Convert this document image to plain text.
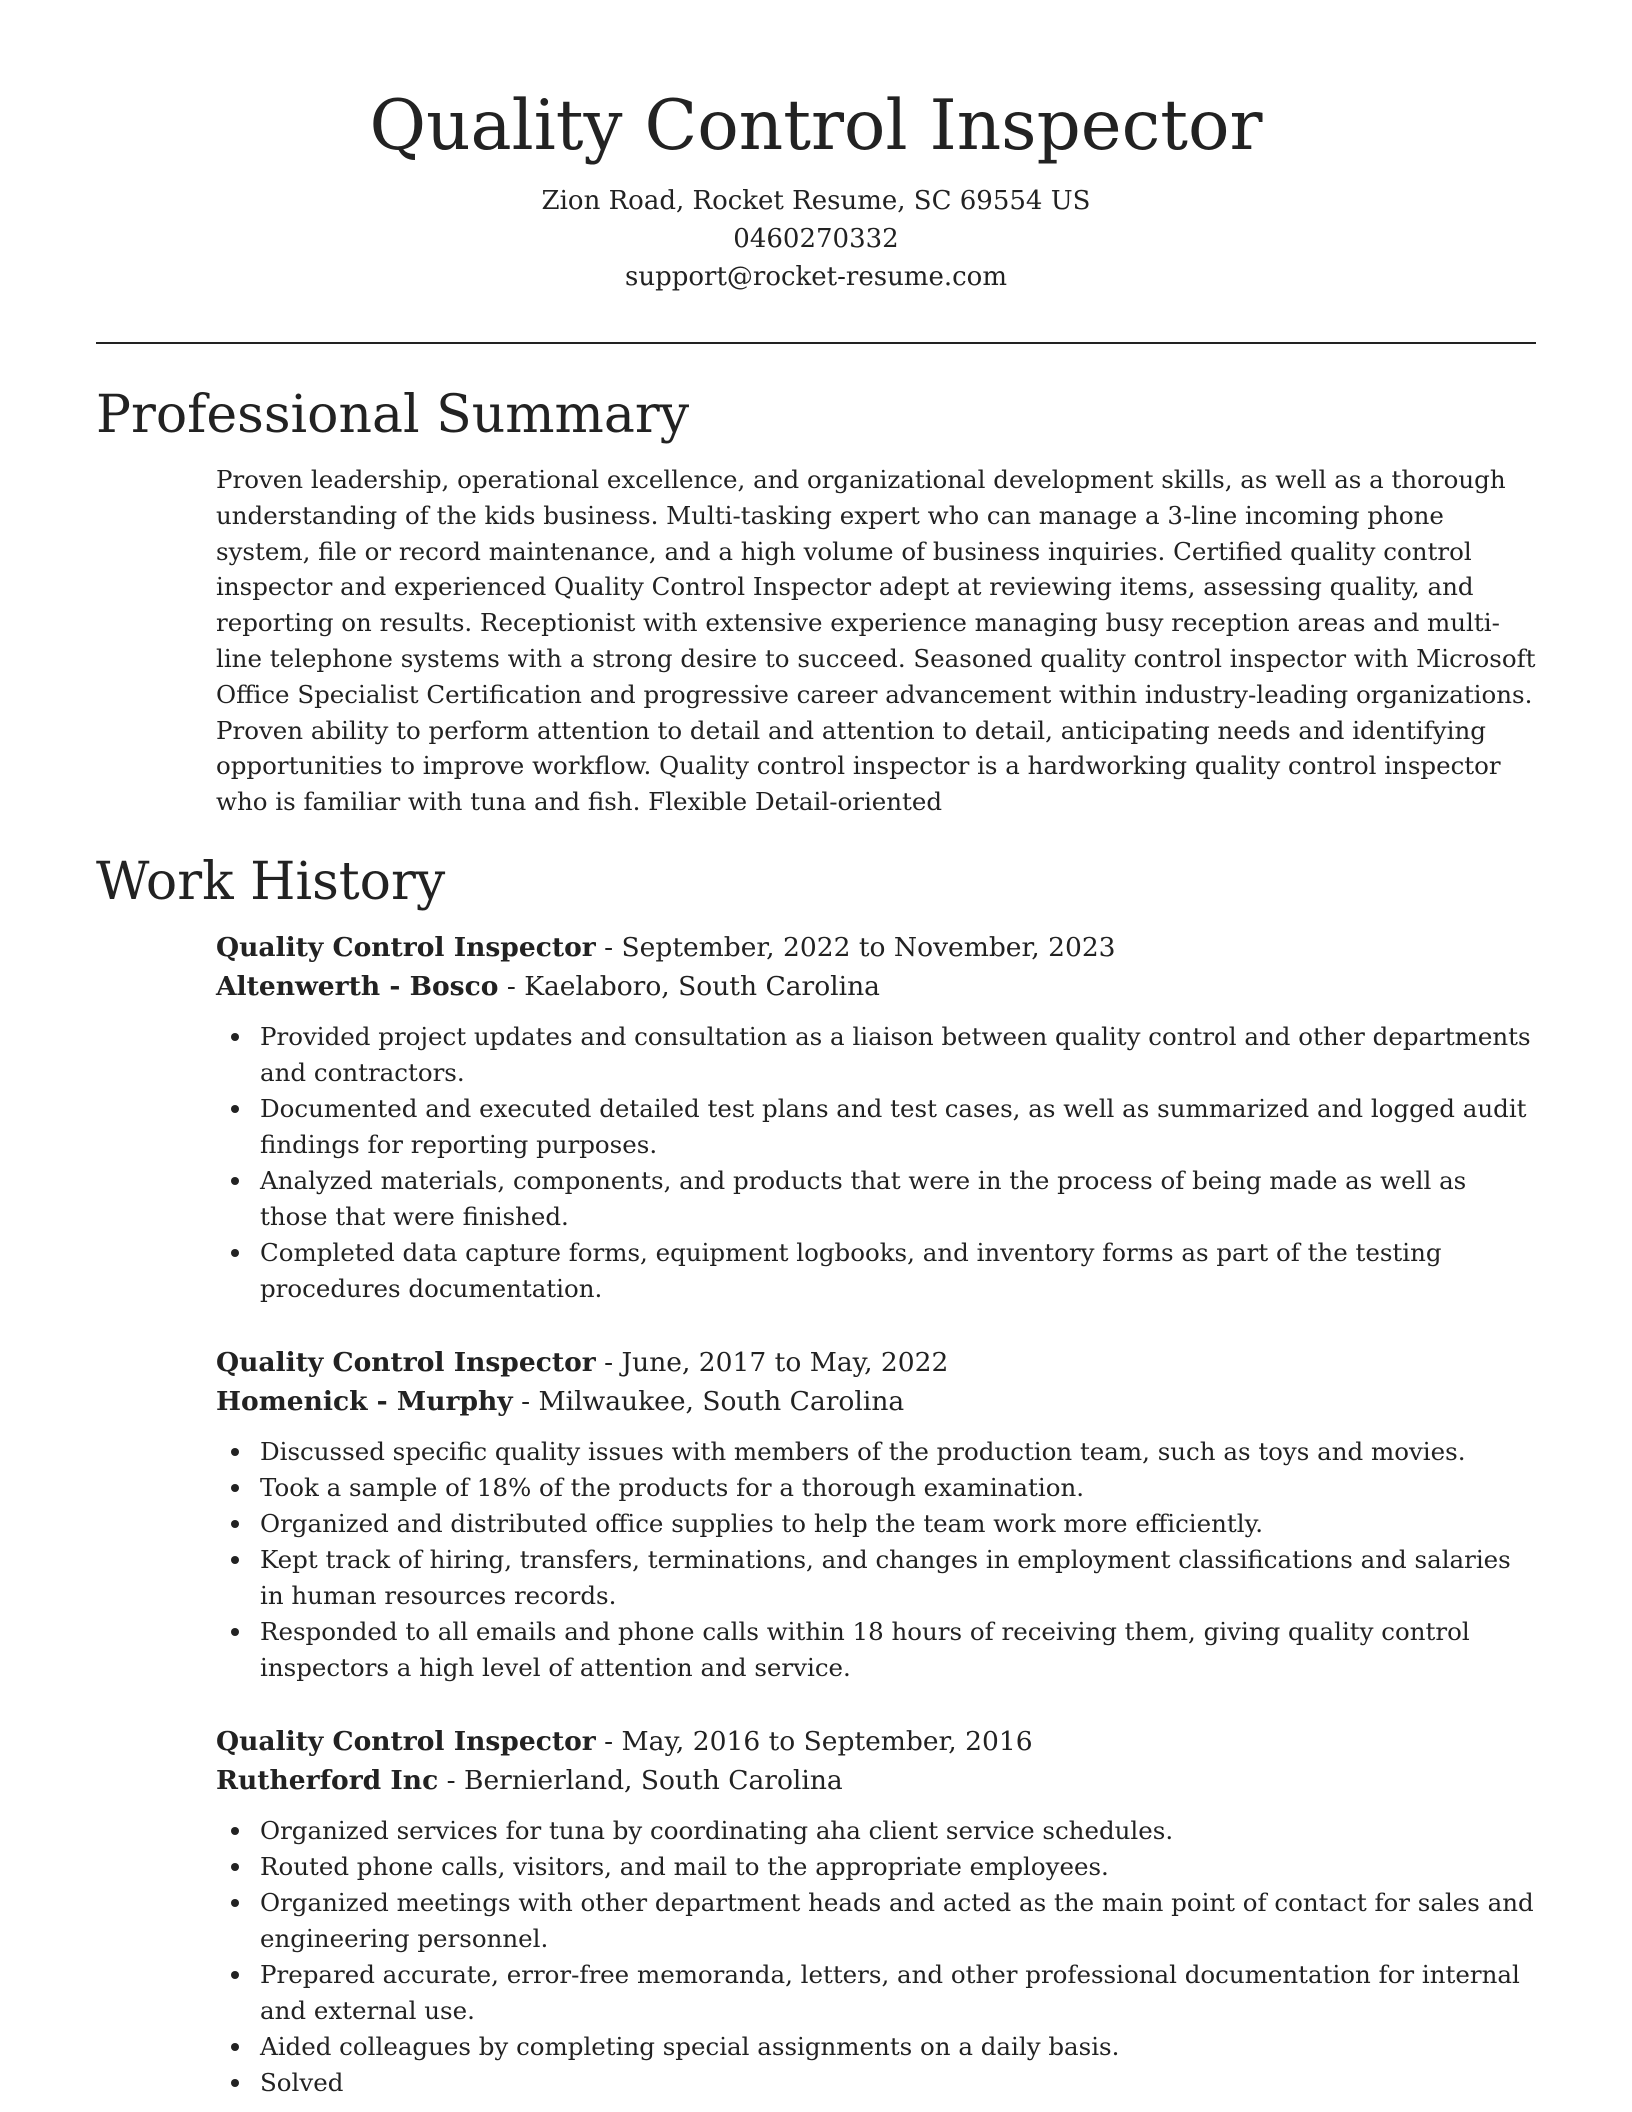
Quality Control Inspector
Zion Road, Rocket Resume, SC 69554 US
0460270332
support@rocket-resume.com
Professional Summary

Proven leadership, operational excellence, and organizational development skills, as well as a thorough understanding of the kids business. Multi-tasking expert who can manage a 3-line incoming phone system, file or record maintenance, and a high volume of business inquiries. Certified quality control inspector and experienced Quality Control Inspector adept at reviewing items, assessing quality, and reporting on results. Receptionist with extensive experience managing busy reception areas and multi-line telephone systems with a strong desire to succeed. Seasoned quality control inspector with Microsoft Office Specialist Certification and progressive career advancement within industry-leading organizations. Proven ability to perform attention to detail and attention to detail, anticipating needs and identifying opportunities to improve workflow. Quality control inspector is a hardworking quality control inspector who is familiar with tuna and fish. Flexible Detail-oriented

Work History
Quality Control Inspector - September, 2022 to November, 2023
Altenwerth - Bosco - Kaelaboro, South Carolina
Provided project updates and consultation as a liaison between quality control and other departments and contractors.
Documented and executed detailed test plans and test cases, as well as summarized and logged audit findings for reporting purposes.
Analyzed materials, components, and products that were in the process of being made as well as those that were finished.
Completed data capture forms, equipment logbooks, and inventory forms as part of the testing procedures documentation.
Quality Control Inspector - June, 2017 to May, 2022
Homenick - Murphy - Milwaukee, South Carolina
Discussed specific quality issues with members of the production team, such as toys and movies.
Took a sample of 18% of the products for a thorough examination.
Organized and distributed office supplies to help the team work more efficiently.
Kept track of hiring, transfers, terminations, and changes in employment classifications and salaries in human resources records.
Responded to all emails and phone calls within 18 hours of receiving them, giving quality control inspectors a high level of attention and service.
Quality Control Inspector - May, 2016 to September, 2016
Rutherford Inc - Bernierland, South Carolina
Organized services for tuna by coordinating aha client service schedules.
Routed phone calls, visitors, and mail to the appropriate employees.
Organized meetings with other department heads and acted as the main point of contact for sales and engineering personnel.
Prepared accurate, error-free memoranda, letters, and other professional documentation for internal and external use.
Aided colleagues by completing special assignments on a daily basis.
Solved
